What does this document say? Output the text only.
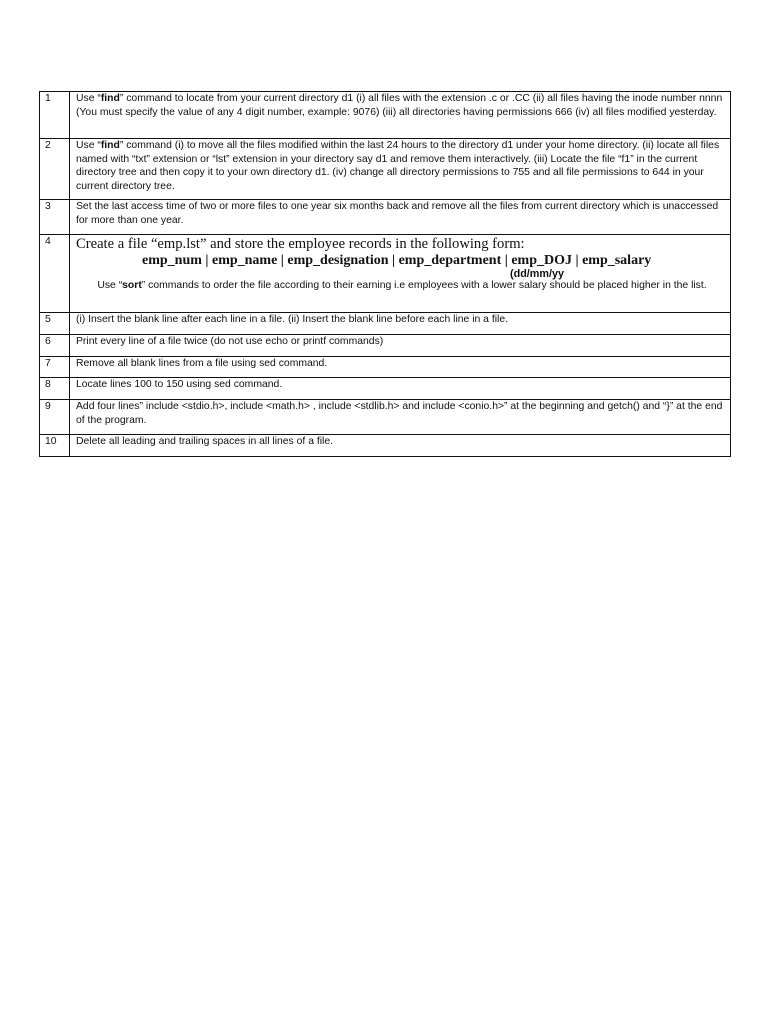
1	Use “find” command to locate from your current directory d1 (i) all files with the extension .c or .CC (ii) all files having the inode number nnnn (You must specify the value of any 4 digit number, example: 9076) (iii) all directories having permissions 666 (iv) all files modified yesterday.
2	Use “find” command (i) to move all the files modified within the last 24 hours to the directory d1 under your home directory. (ii) locate all files named with “txt” extension or “lst” extension in your directory say d1 and remove them interactively. (iii) Locate the file “f1” in the current directory tree and then copy it to your own directory d1. (iv) change all directory permissions to 755 and all file permissions to 644 in your current directory tree.
3	Set the last access time of two or more files to one year six months back and remove all the files from current directory which is unaccessed for more than one year.
4	Create a file “emp.lst” and store the employee records in the following form:
emp_num | emp_name | emp_designation | emp_department | emp_DOJ | emp_salary
(dd/mm/yy
Use “sort” commands to order the file according to their earning i.e employees with a lower salary should be placed higher in the list.

5	(i) Insert the blank line after each line in a file. (ii) Insert the blank line before each line in a file.
6	Print every line of a file twice (do not use echo or printf commands)
7	Remove all blank lines from a file using sed command.
8	Locate lines 100 to 150 using sed command.
9	Add four lines” include <stdio.h>, include <math.h> , include <stdlib.h> and include <conio.h>” at the beginning and getch() and “}” at the end of the program.
10	Delete all leading and trailing spaces in all lines of a file.
